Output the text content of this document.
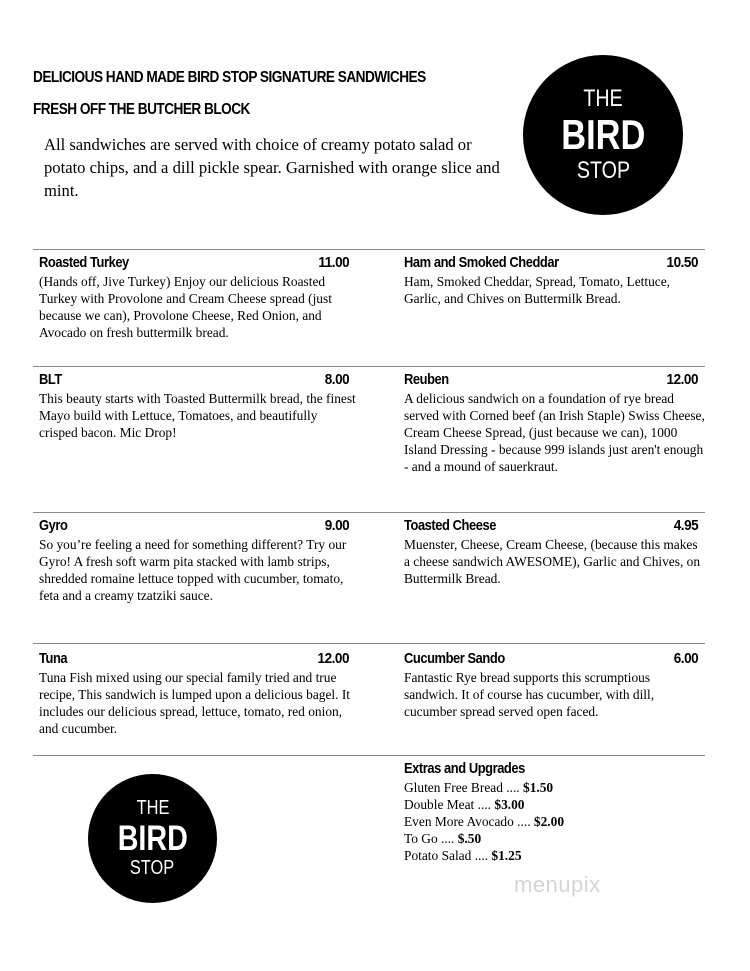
DELICIOUS HAND MADE BIRD STOP SIGNATURE SANDWICHES FRESH OFF THE BUTCHER BLOCK
All sandwiches are served with choice of creamy potato salad or potato chips, and a dill pickle spear. Garnished with orange slice and mint.
THE
BIRD
STOP
Roasted Turkey	11.00
(Hands off, Jive Turkey) Enjoy our delicious Roasted Turkey with Provolone and Cream Cheese spread (just because we can), Provolone Cheese, Red Onion, and Avocado on fresh buttermilk bread.
Ham and Smoked Cheddar	10.50
Ham, Smoked Cheddar, Spread, Tomato, Lettuce, Garlic, and Chives on Buttermilk Bread.
BLT	8.00
This beauty starts with Toasted Buttermilk bread, the finest Mayo build with Lettuce, Tomatoes, and beautifully crisped bacon. Mic Drop!
Reuben	12.00
A delicious sandwich on a foundation of rye bread served with Corned beef (an Irish Staple) Swiss Cheese, Cream Cheese Spread, (just because we can), 1000 Island Dressing - because 999 islands just aren't enough - and a mound of sauerkraut.
Gyro	9.00
So you’re feeling a need for something different? Try our Gyro! A fresh soft warm pita stacked with lamb strips, shredded romaine lettuce topped with cucumber, tomato, feta and a creamy tzatziki sauce.
Toasted Cheese	4.95
Muenster, Cheese, Cream Cheese, (because this makes a cheese sandwich AWESOME), Garlic and Chives, on Buttermilk Bread.
Tuna	12.00
Tuna Fish mixed using our special family tried and true recipe, This sandwich is lumped upon a delicious bagel. It includes our delicious spread, lettuce, tomato, red onion, and cucumber.
Cucumber Sando	6.00
Fantastic Rye bread supports this scrumptious sandwich. It of course has cucumber, with dill, cucumber spread served open faced.
THE
BIRD
STOP
Extras and Upgrades
Gluten Free Bread .... $1.50
Double Meat .... $3.00
Even More Avocado .... $2.00
To Go .... $.50
Potato Salad .... $1.25
menupix
